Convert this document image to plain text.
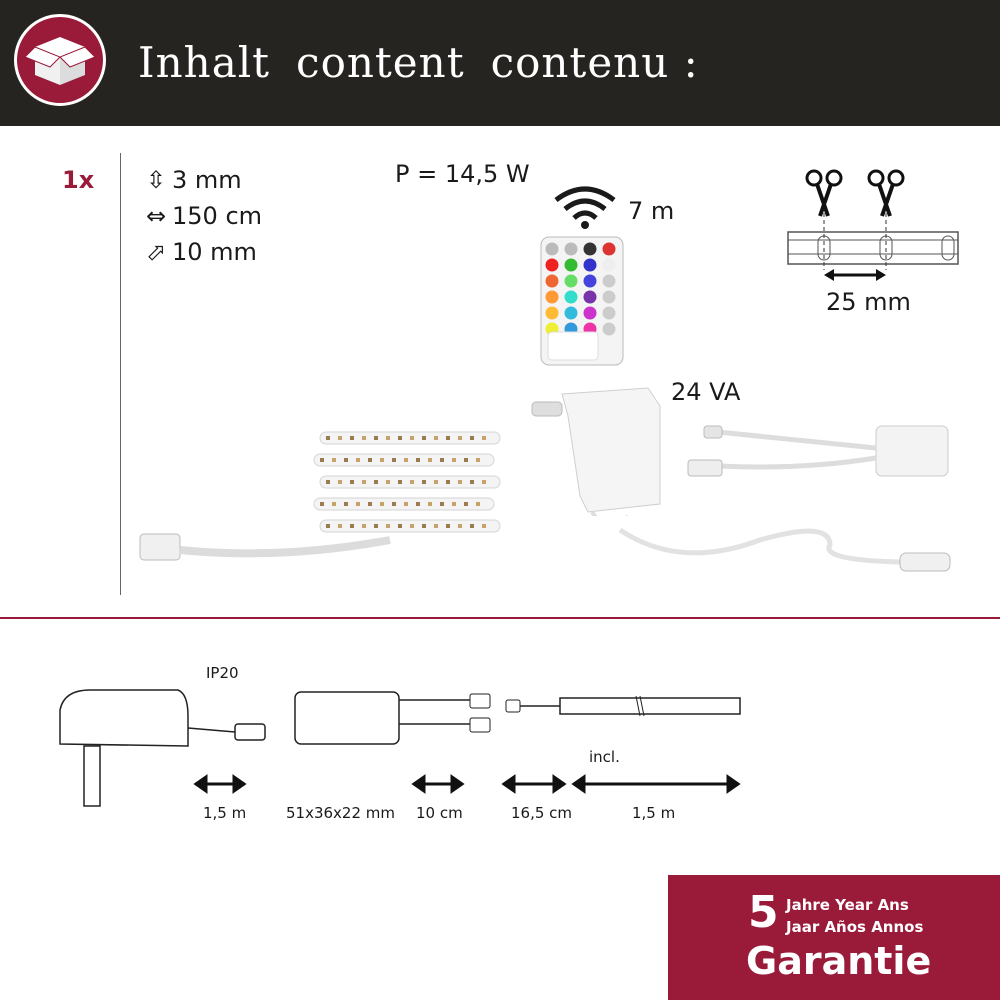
Inhalt content contenu :
1x ⇳ 3 mm
⇔ 150 cm
⬀ 10 mm
P = 14,5 W
7 m
25 mm
24 VA
IP20
incl.
1,5 m	51x36x22 mm 10 cm	16,5 cm	1,5 m
5 Jahre Year Ans
Jaar Años Annos
Garantie
